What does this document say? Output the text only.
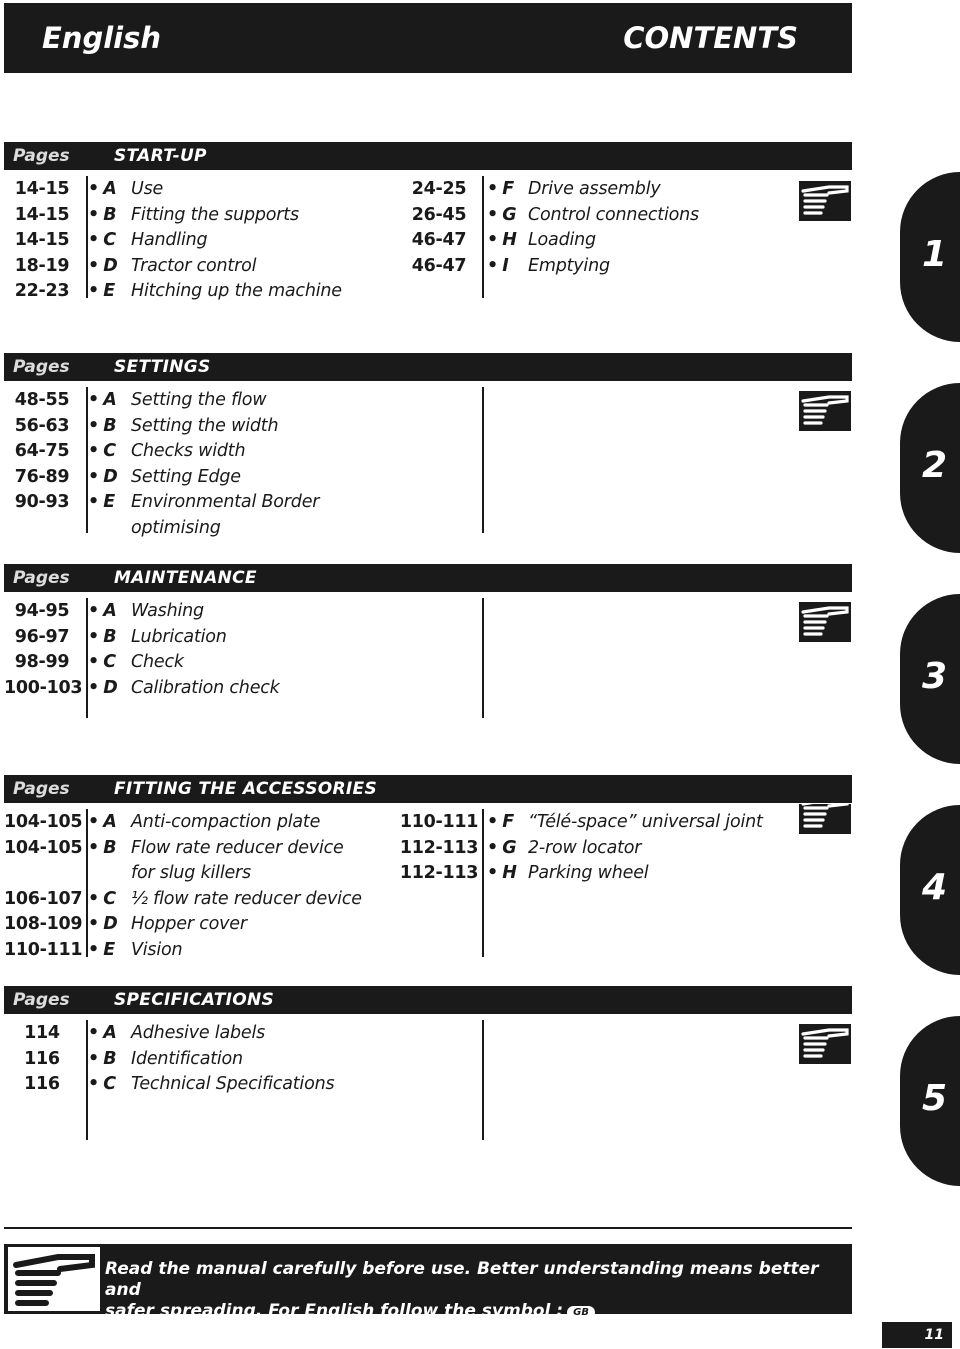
English	CONTENTS
Pages	START-UP
14-15	• A Use
14-15	• B Fitting the supports
14-15	• C Handling
18-19	• D Tractor control
22-23	• E Hitching up the machine
24-25	• F Drive assembly
26-45	• G Control connections
46-47	• H Loading
46-47	• I	Emptying
Pages	SETTINGS
48-55	• A Setting the flow
56-63	• B Setting the width
64-75	• C Checks width
76-89	• D Setting Edge
90-93	• E Environmental Border
optimising
Pages	MAINTENANCE
94-95	• A Washing
96-97	• B Lubrication
98-99	• C Check
100-103	• D Calibration check
Pages	FITTING THE ACCESSORIES
104-105	• A Anti-compaction plate
104-105	• B Flow rate reducer device
for slug killers
106-107	• C ½ flow rate reducer device
108-109	• D Hopper cover
110-111	• E Vision
110-111	• F “Télé-space” universal joint
112-113	• G 2-row locator
112-113	• H Parking wheel
Pages	SPECIFICATIONS
114	• A Adhesive labels
116	• B Identification
116	• C Technical Specifications
1
2
3
4
5
Read the manual carefully before use. Better understanding means better and
safer spreading. For English follow the symbol : GB
11
